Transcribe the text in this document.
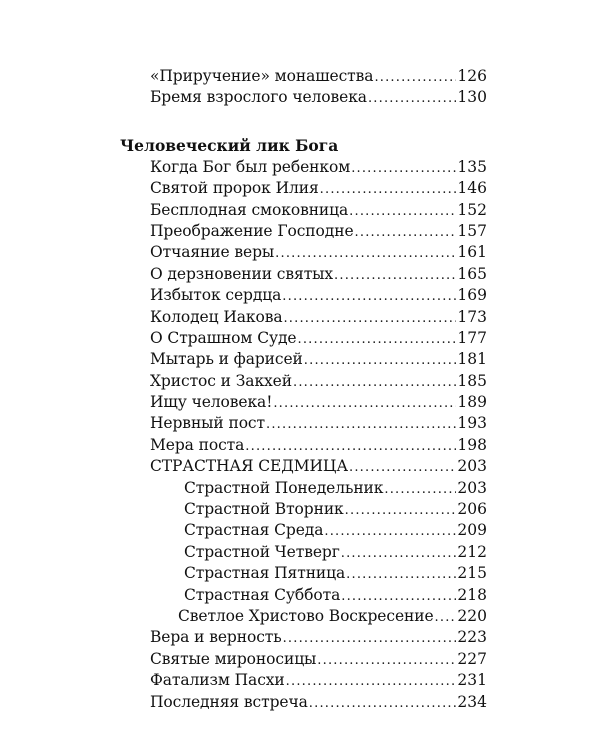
«Приручение» монашества .....	126
Бремя взрослого человека .....	130
Человеческий лик Бога
Когда Бог был ребенком .....	135
Святой пророк Илия .....	146
Бесплодная смоковница .....	152
Преображение Господне .....	157
Отчаяние веры .....	161
О дерзновении святых .....	165
Избыток сердца .....	169
Колодец Иакова .....	173
О Страшном Суде .....	177
Мытарь и фарисей .....	181
Христос и Закхей .....	185
Ищу человека! .....	189
Нервный пост .....	193
Мера поста .....	198
СТРАСТНАЯ СЕДМИЦА .....	203
Страстной Понедельник .....	203
Страстной Вторник .....	206
Страстная Среда .....	209
Страстной Четверг .....	212
Страстная Пятница .....	215
Страстная Суббота .....	218
Светлое Христово Воскресение ..... 220
Вера и верность .....	223
Святые мироносицы .....	227
Фатализм Пасхи .....	231
Последняя встреча .....	234
